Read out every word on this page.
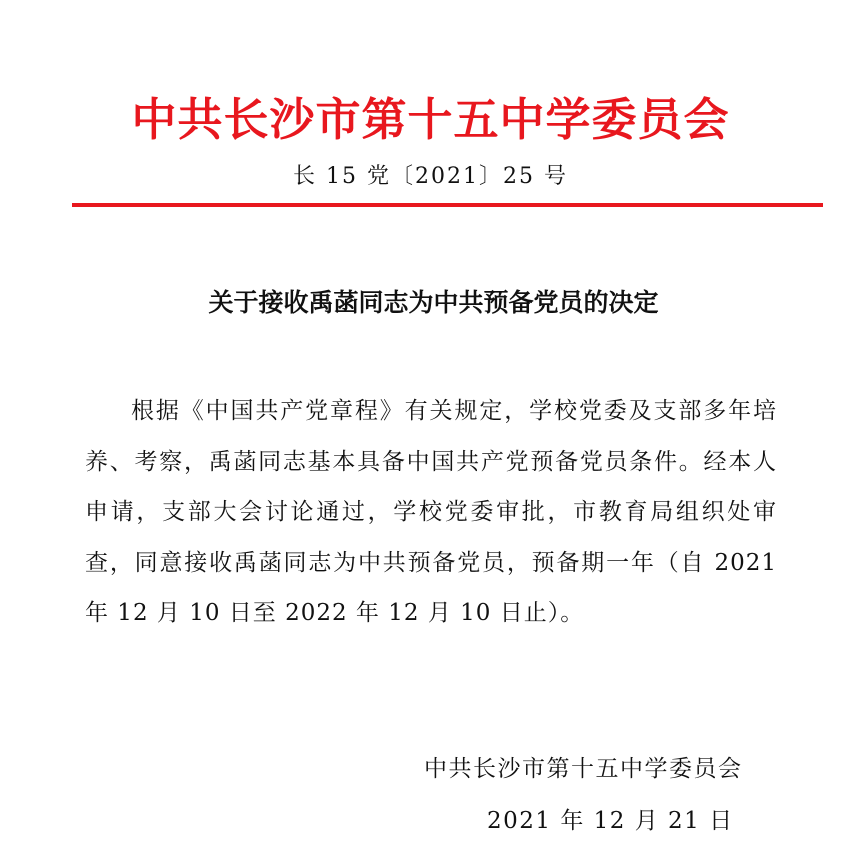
中共长沙市第十五中学委员会
长 15 党〔2021〕25 号
关于接收禹菡同志为中共预备党员的决定
根据《中国共产党章程》有关规定，学校党委及支部多年培养、考察，禹菡同志基本具备中国共产党预备党员条件。经本人申请，支部大会讨论通过，学校党委审批，市教育局组织处审查，同意接收禹菡同志为中共预备党员，预备期一年（自 2021 年 12 月 10 日至 2022 年 12 月 10 日止）。
中共长沙市第十五中学委员会
2021 年 12 月 21 日
